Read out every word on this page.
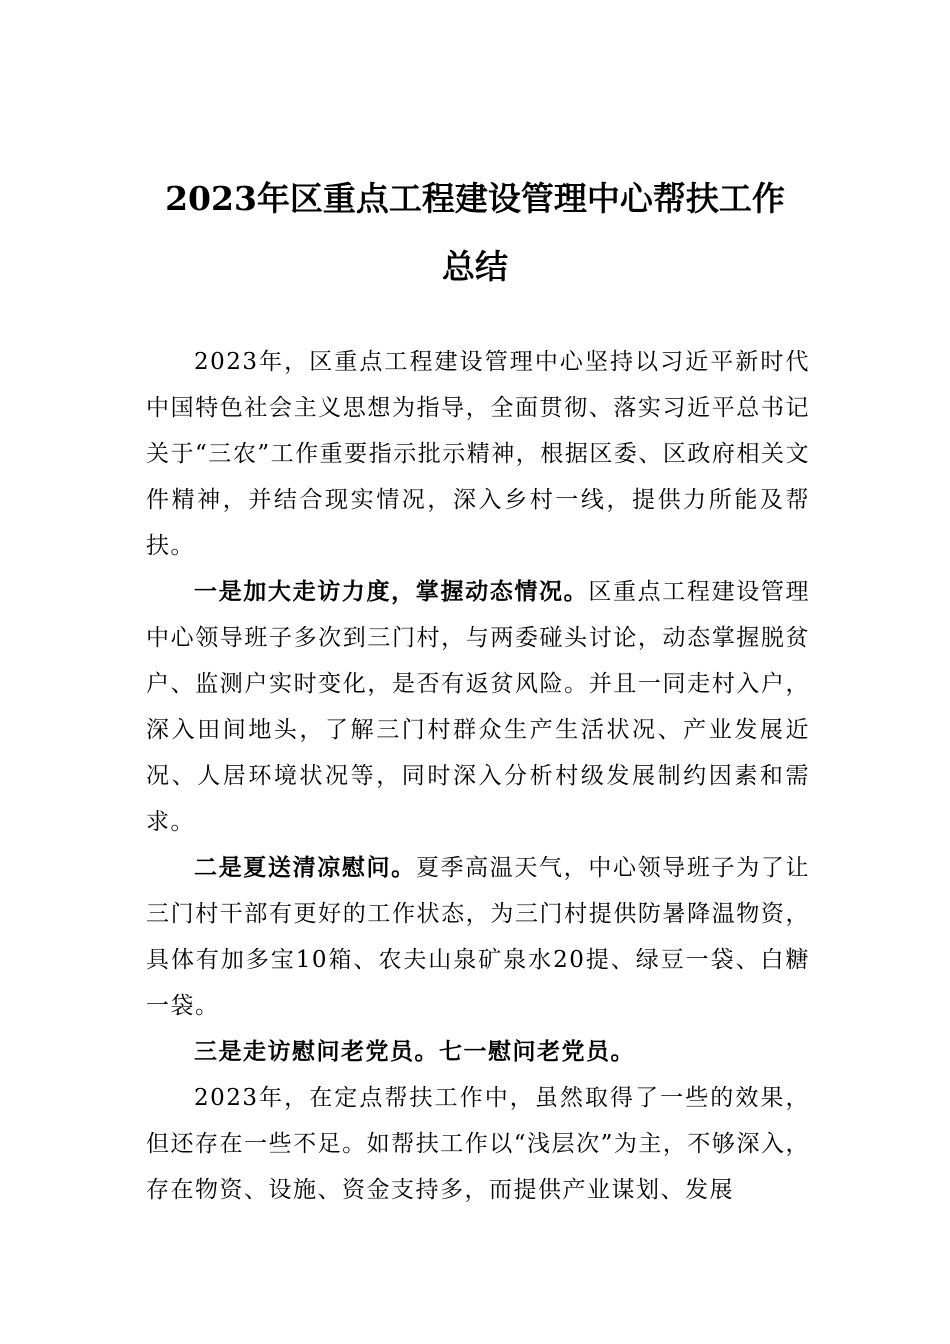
2023年区重点工程建设管理中心帮扶工作
总结

2023年，区重点工程建设管理中心坚持以习近平新时代中国特色社会主义思想为指导，全面贯彻、落实习近平总书记关于“三农”工作重要指示批示精神，根据区委、区政府相关文件精神，并结合现实情况，深入乡村一线，提供力所能及帮扶。

一是加大走访力度，掌握动态情况。区重点工程建设管理中心领导班子多次到三门村，与两委碰头讨论，动态掌握脱贫户、监测户实时变化，是否有返贫风险。并且一同走村入户，深入田间地头，了解三门村群众生产生活状况、产业发展近况、人居环境状况等，同时深入分析村级发展制约因素和需求。

二是夏送清凉慰问。夏季高温天气，中心领导班子为了让三门村干部有更好的工作状态，为三门村提供防暑降温物资，具体有加多宝10箱、农夫山泉矿泉水20提、绿豆一袋、白糖一袋。

三是走访慰问老党员。七一慰问老党员。

2023年，在定点帮扶工作中，虽然取得了一些的效果，但还存在一些不足。如帮扶工作以“浅层次”为主，不够深入，存在物资、设施、资金支持多，而提供产业谋划、发展
